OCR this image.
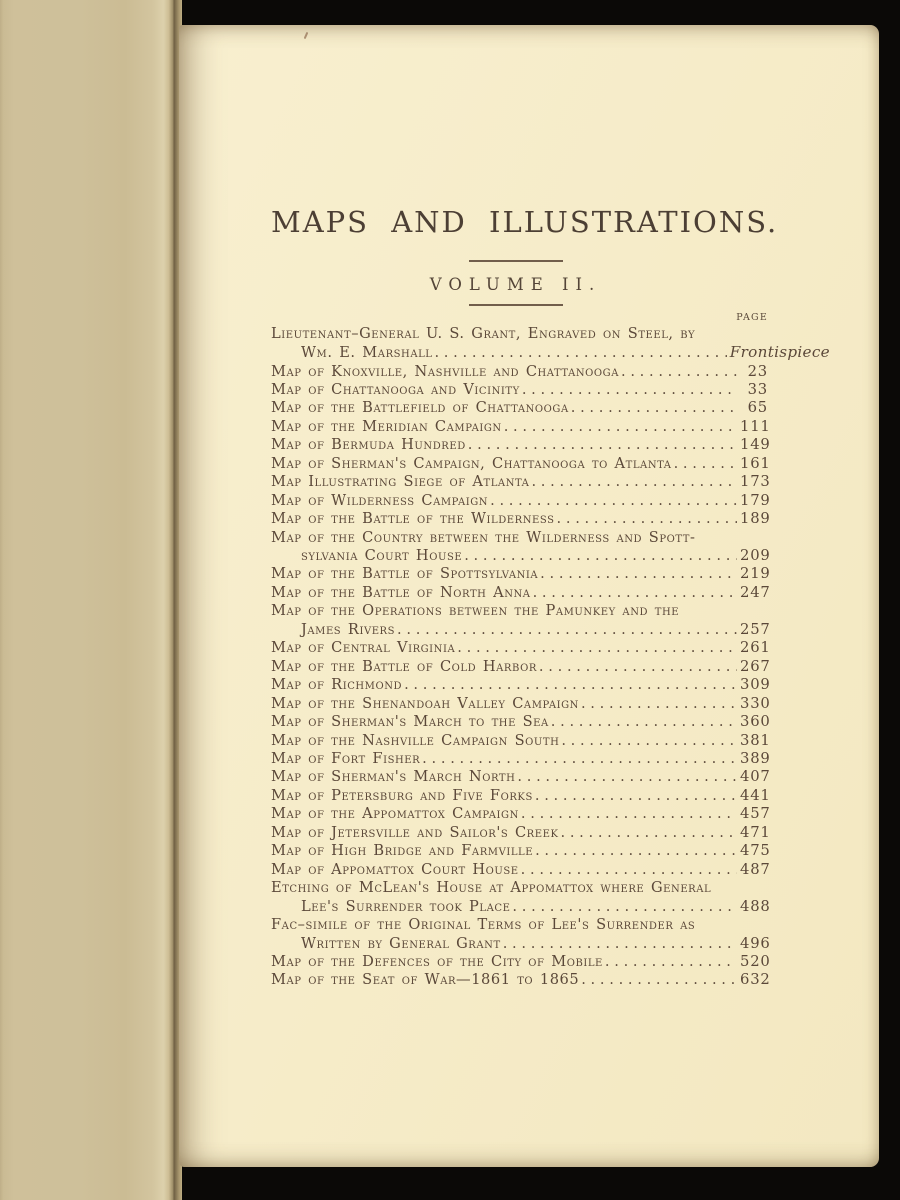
MAPS AND ILLUSTRATIONS.
VOLUME II.
PAGE
Lieutenant–General U. S. Grant, Engraved on Steel, by
Wm. E. Marshall .....	Frontispiece
Map of Knoxville, Nashville and Chattanooga .....	23
Map of Chattanooga and Vicinity .....	33
Map of the Battlefield of Chattanooga .....	65
Map of the Meridian Campaign .....	111
Map of Bermuda Hundred .....	149
Map of Sherman's Campaign, Chattanooga to Atlanta .....	161
Map Illustrating Siege of Atlanta .....	173
Map of Wilderness Campaign .....	179
Map of the Battle of the Wilderness .....	189
Map of the Country between the Wilderness and Spott-
sylvania Court House .....	209
Map of the Battle of Spottsylvania .....	219
Map of the Battle of North Anna .....	247
Map of the Operations between the Pamunkey and the
James Rivers .....	257
Map of Central Virginia .....	261
Map of the Battle of Cold Harbor .....	267
Map of Richmond .....	309
Map of the Shenandoah Valley Campaign .....	330
Map of Sherman's March to the Sea .....	360
Map of the Nashville Campaign South .....	381
Map of Fort Fisher .....	389
Map of Sherman's March North .....	407
Map of Petersburg and Five Forks .....	441
Map of the Appomattox Campaign .....	457
Map of Jetersville and Sailor's Creek .....	471
Map of High Bridge and Farmville .....	475
Map of Appomattox Court House .....	487
Etching of McLean's House at Appomattox where General
Lee's Surrender took Place .....	488
Fac–simile of the Original Terms of Lee's Surrender as
Written by General Grant .....	496
Map of the Defences of the City of Mobile .....	520
Map of the Seat of War—1861 to 1865 .....	632
